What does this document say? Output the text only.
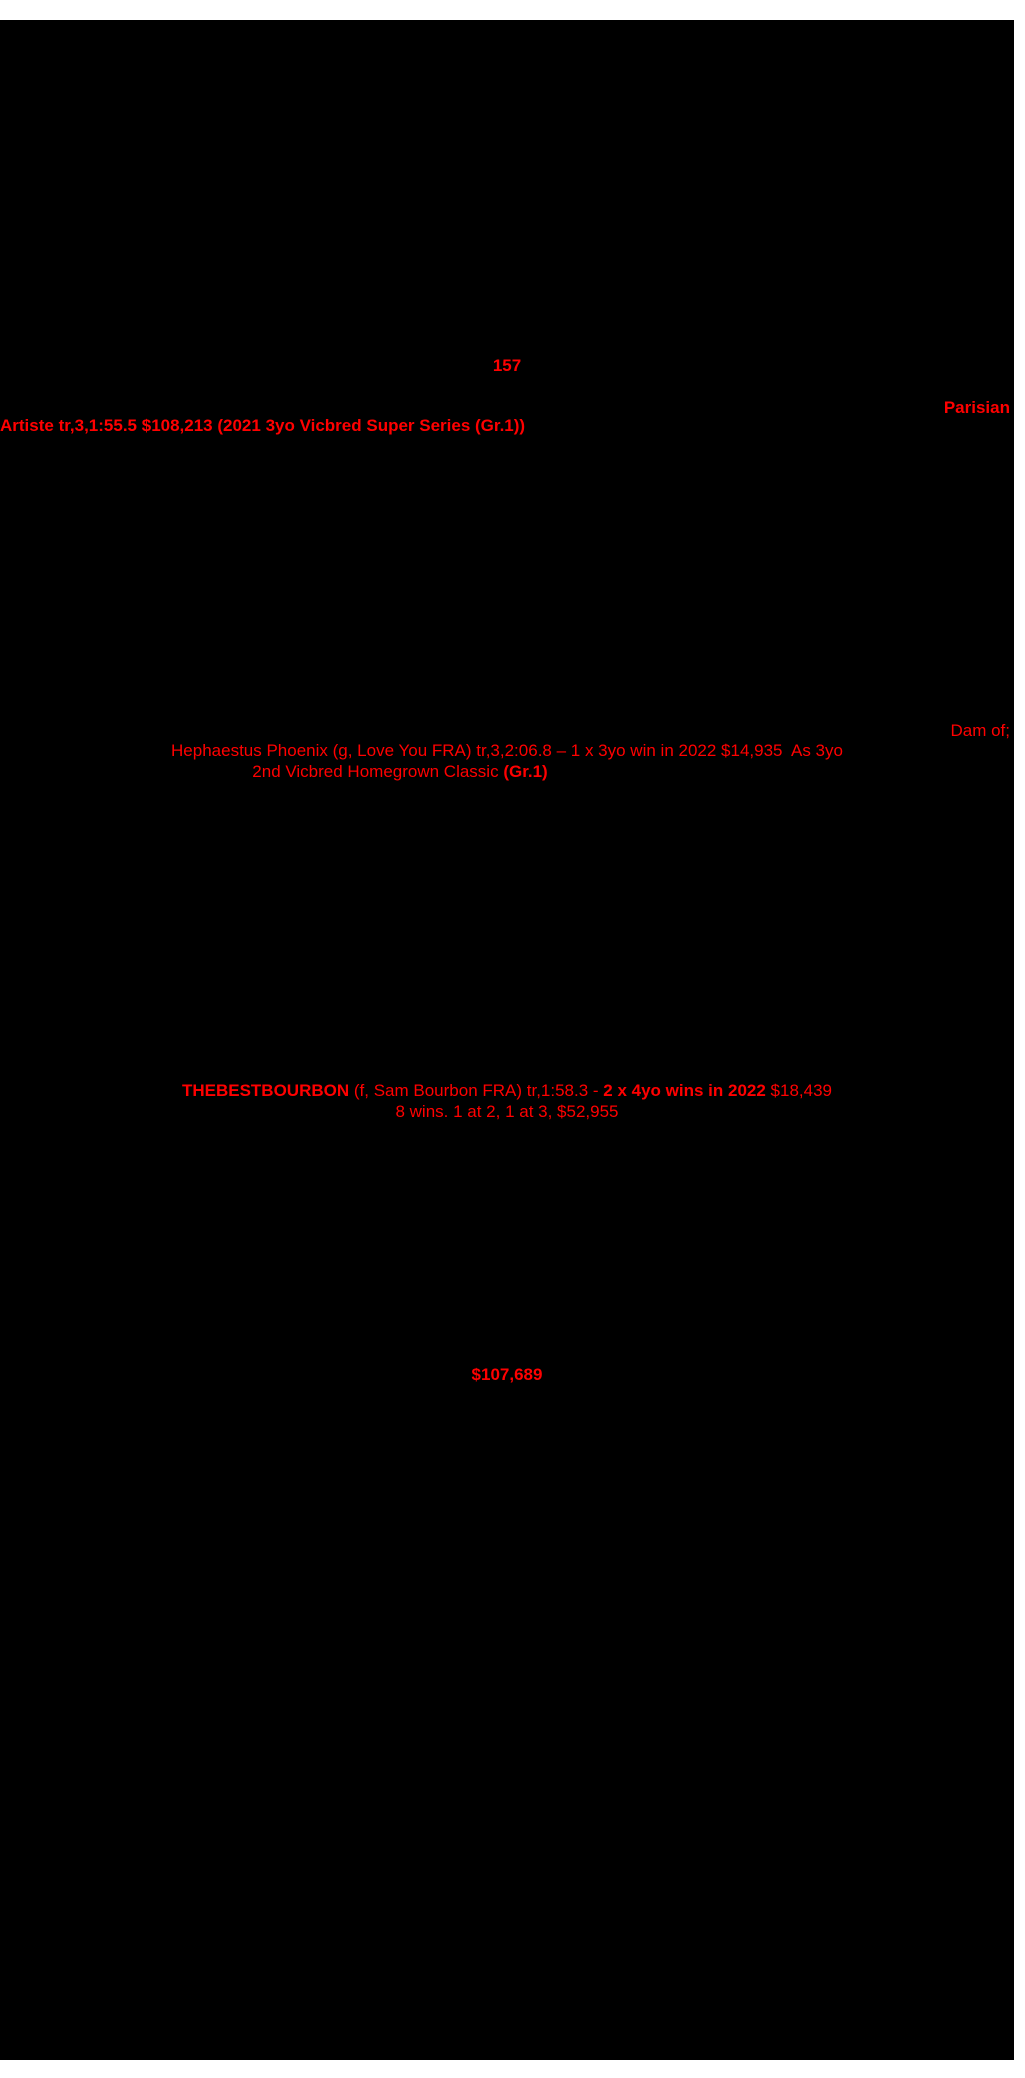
157
Parisian
Artiste tr,3,1:55.5 $108,213 (2021 3yo Vicbred Super Series (Gr.1))
Dam of;
Hephaestus Phoenix (g, Love You FRA) tr,3,2:06.8 – 1 x 3yo win in 2022 $14,935  As 3yo
2nd Vicbred Homegrown Classic (Gr.1)
THEBESTBOURBON (f, Sam Bourbon FRA) tr,1:58.3 - 2 x 4yo wins in 2022 $18,439
8 wins. 1 at 2, 1 at 3, $52,955
$107,689
